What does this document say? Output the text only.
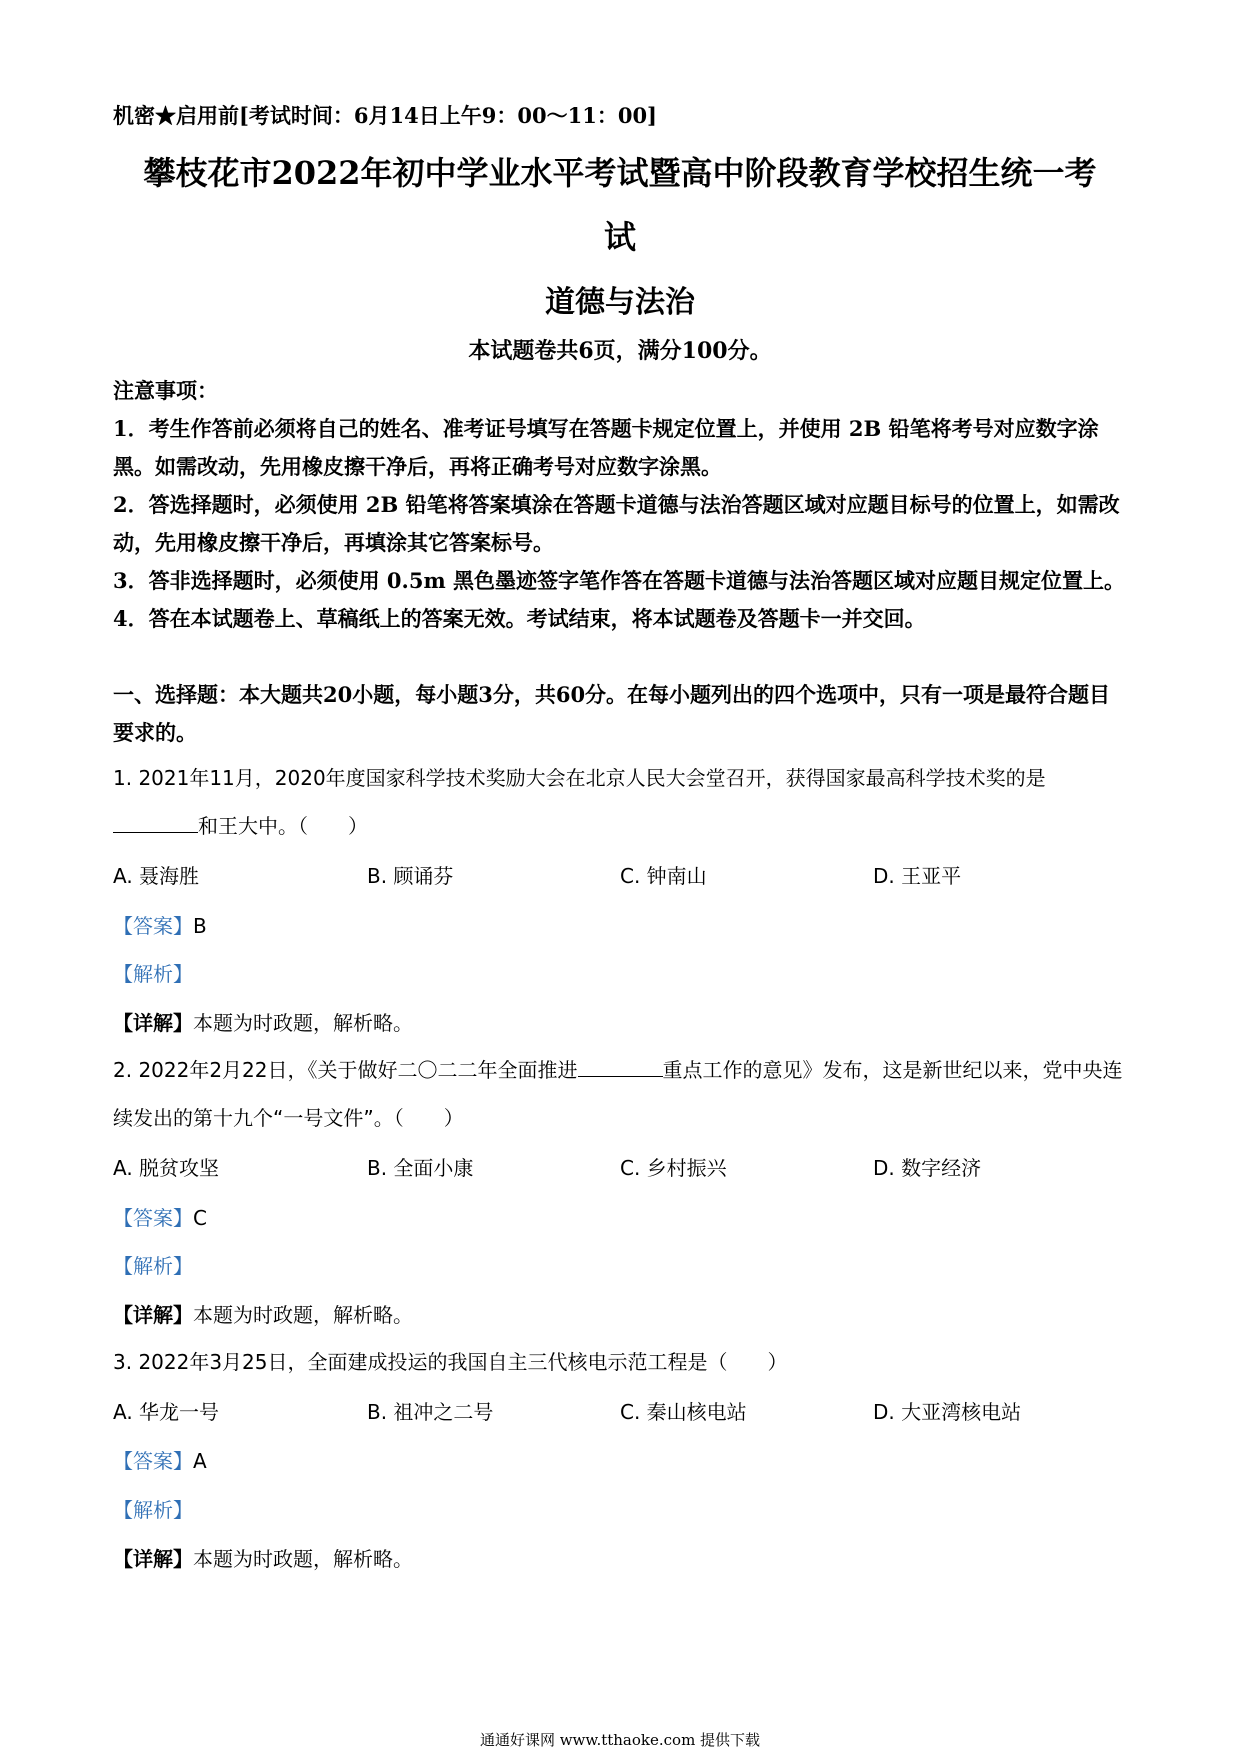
机密★启用前[考试时间：6月14日上午9：00～11：00]
攀枝花市2022年初中学业水平考试暨高中阶段教育学校招生统一考
试
道德与法治
本试题卷共6页，满分100分。

注意事项：

1．考生作答前必须将自己的姓名、准考证号填写在答题卡规定位置上，并使用 2B 铅笔将考号对应数字涂黑。如需改动，先用橡皮擦干净后，再将正确考号对应数字涂黑。

2．答选择题时，必须使用 2B 铅笔将答案填涂在答题卡道德与法治答题区域对应题目标号的位置上，如需改动，先用橡皮擦干净后，再填涂其它答案标号。

3．答非选择题时，必须使用 0.5m 黑色墨迹签字笔作答在答题卡道德与法治答题区域对应题目规定位置上。

4．答在本试题卷上、草稿纸上的答案无效。考试结束，将本试题卷及答题卡一并交回。

一、选择题：本大题共20小题，每小题3分，共60分。在每小题列出的四个选项中，只有一项是最符合题目要求的。

1. 2021年11月，2020年度国家科学技术奖励大会在北京人民大会堂召开，获得国家最高科学技术奖的是

和王大中。（　　）

A. 聂海胜	B. 顾诵芬	C. 钟南山	D. 王亚平
【答案】B
【解析】
【详解】本题为时政题，解析略。

2. 2022年2月22日，《关于做好二〇二二年全面推进	重点工作的意见》发布，这是新世纪以来，党中央连续发出的第十九个“一号文件”。（　　）

A. 脱贫攻坚	B. 全面小康	C. 乡村振兴	D. 数字经济
【答案】C
【解析】
【详解】本题为时政题，解析略。

3. 2022年3月25日，全面建成投运的我国自主三代核电示范工程是（　　）

A. 华龙一号	B. 祖冲之二号	C. 秦山核电站	D. 大亚湾核电站
【答案】A
【解析】
【详解】本题为时政题，解析略。
通通好课网 www.tthaoke.com 提供下载
